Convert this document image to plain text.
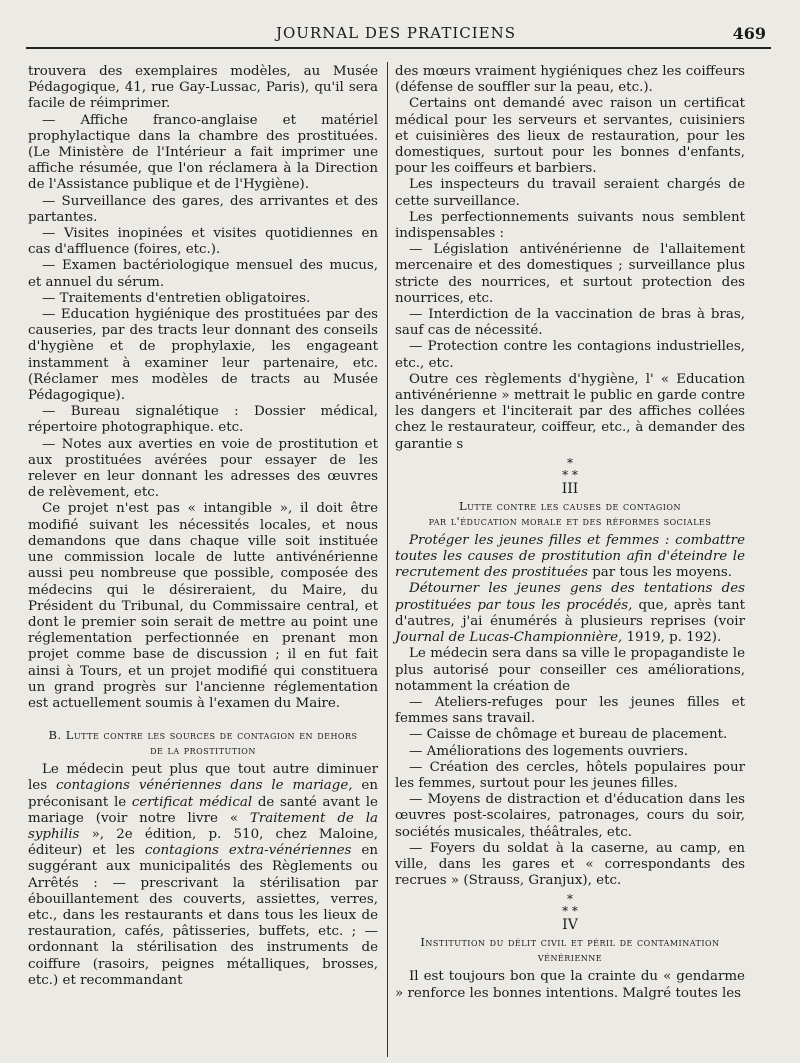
JOURNAL DES PRATICIENS	469

trouvera des exemplaires modèles, au Musée Pédagogique, 41, rue Gay-Lussac, Paris), qu'il sera facile de réimprimer.

— Affiche franco-anglaise et matériel prophylactique dans la chambre des prostituées. (Le Ministère de l'Intérieur a fait imprimer une affiche résumée, que l'on réclamera à la Direction de l'Assistance publique et de l'Hygiène).

— Surveillance des gares, des arrivantes et des partantes.

— Visites inopinées et visites quotidiennes en cas d'affluence (foires, etc.).

— Examen bactériologique mensuel des mucus, et annuel du sérum.

— Traitements d'entretien obligatoires.

— Education hygiénique des prostituées par des causeries, par des tracts leur donnant des conseils d'hygiène et de prophylaxie, les engageant instamment à examiner leur partenaire, etc. (Réclamer mes modèles de tracts au Musée Pédagogique).

— Bureau signalétique : Dossier médical, répertoire photographique. etc.

— Notes aux averties en voie de prostitution et aux prostituées avérées pour essayer de les relever en leur donnant les adresses des œuvres de relèvement, etc.

Ce projet n'est pas « intangible », il doit être modifié suivant les nécessités locales, et nous demandons que dans chaque ville soit instituée une commission locale de lutte antivénérienne aussi peu nombreuse que possible, composée des médecins qui le désireraient, du Maire, du Président du Tribunal, du Commissaire central, et dont le premier soin serait de mettre au point une réglementation perfectionnée en prenant mon projet comme base de discussion ; il en fut fait ainsi à Tours, et un projet modifié qui constituera un grand progrès sur l'ancienne réglementation est actuellement soumis à l'examen du Maire.

B. Lutte contre les sources de contagion en dehors
de la prostitution

Le médecin peut plus que tout autre diminuer les contagions vénériennes dans le mariage, en préconisant le certificat médical de santé avant le mariage (voir notre livre « Traitement de la syphilis », 2e édition, p. 510, chez Maloine, éditeur) et les contagions extra-vénériennes en suggérant aux municipalités des Règlements ou Arrêtés : — prescrivant la stérilisation par ébouillantement des couverts, assiettes, verres, etc., dans les restaurants et dans tous les lieux de restauration, cafés, pâtisseries, buffets, etc. ; — ordonnant la stérilisation des instruments de coiffure (rasoirs, peignes métalliques, brosses, etc.) et recommandant

des mœurs vraiment hygiéniques chez les coiffeurs (défense de souffler sur la peau, etc.).

Certains ont demandé avec raison un certificat médical pour les serveurs et servantes, cuisiniers et cuisinières des lieux de restauration, pour les domestiques, surtout pour les bonnes d'enfants, pour les coiffeurs et barbiers.

Les inspecteurs du travail seraient chargés de cette surveillance.

Les perfectionnements suivants nous semblent indispensables :

— Législation antivénérienne de l'allaitement mercenaire et des domestiques ; surveillance plus stricte des nourrices, et surtout protection des nourrices, etc.

— Interdiction de la vaccination de bras à bras, sauf cas de nécessité.

— Protection contre les contagions industrielles, etc., etc.

Outre ces règlements d'hygiène, l' « Education antivénérienne » mettrait le public en garde contre les dangers et l'inciterait par des affiches collées chez le restaurateur, coiffeur, etc., à demander des garantie s

*
* *
III
Lutte contre les causes de contagion
par l'éducation morale et des réformes sociales

Protéger les jeunes filles et femmes : combattre toutes les causes de prostitution afin d'éteindre le recrutement des prostituées par tous les moyens.

Détourner les jeunes gens des tentations des prostituées par tous les procédés, que, après tant d'autres, j'ai énumérés à plusieurs reprises (voir Journal de Lucas-Championnière, 1919, p. 192).

Le médecin sera dans sa ville le propagandiste le plus autorisé pour conseiller ces améliorations, notamment la création de

— Ateliers-refuges pour les jeunes filles et femmes sans travail.

— Caisse de chômage et bureau de placement.

— Améliorations des logements ouvriers.

— Création des cercles, hôtels populaires pour les femmes, surtout pour les jeunes filles.

— Moyens de distraction et d'éducation dans les œuvres post-scolaires, patronages, cours du soir, sociétés musicales, théâtrales, etc.

— Foyers du soldat à la caserne, au camp, en ville, dans les gares et « correspondants des recrues » (Strauss, Granjux), etc.

*
* *
IV
Institution du délit civil et péril de contamination
vénérienne

Il est toujours bon que la crainte du « gendarme » renforce les bonnes intentions. Malgré toutes les
